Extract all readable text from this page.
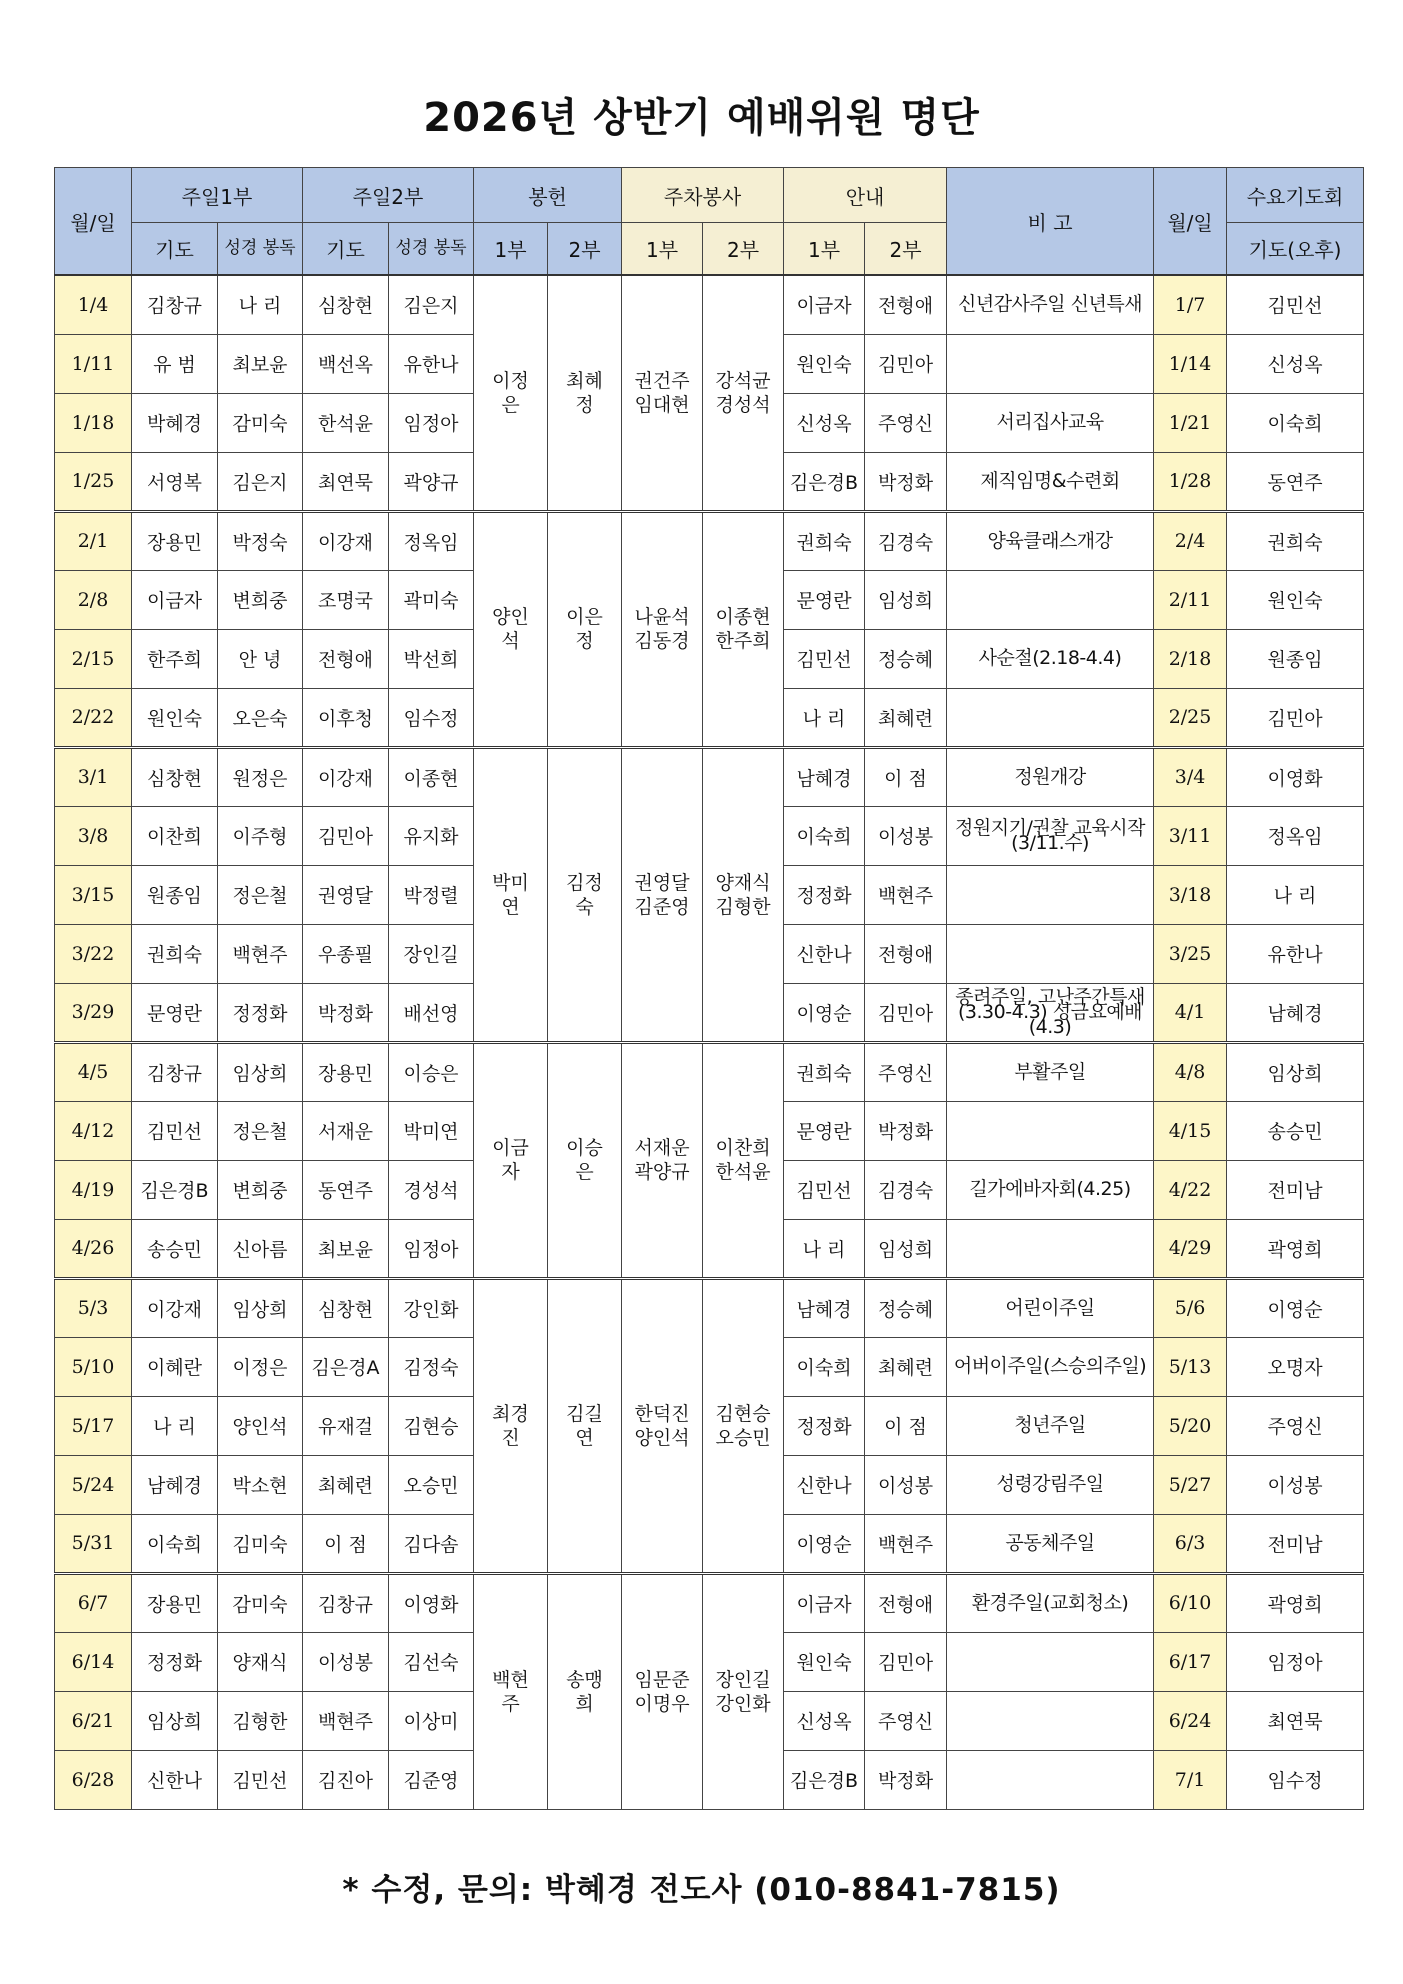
2026년 상반기 예배위원 명단
월/일	주일1부		주일2부		봉헌		주차봉사		안내		비 고	월/일	수요기도회
	기도	성경 봉독	기도	성경 봉독	1부	2부	1부	2부	1부	2부			기도(오후)
1/4	김창규	나 리	심창현	김은지	이정은	최혜정	권건주 임대현	강석균 경성석	이금자	전형애	신년감사주일 신년특새	1/7	김민선
1/11	유 범	최보윤	백선옥	유한나					원인숙	김민아		1/14	신성옥
1/18	박혜경	감미숙	한석윤	임정아					신성옥	주영신	서리집사교육	1/21	이숙희
1/25	서영복	김은지	최연묵	곽양규					김은경B	박정화	제직임명&수련회	1/28	동연주
2/1	장용민	박정숙	이강재	정옥임	양인석	이은정	나윤석 김동경	이종현 한주희	권희숙	김경숙	양육클래스개강	2/4	권희숙
2/8	이금자	변희중	조명국	곽미숙					문영란	임성희		2/11	원인숙
2/15	한주희	안 녕	전형애	박선희					김민선	정승혜	사순절(2.18-4.4)	2/18	원종임
2/22	원인숙	오은숙	이후청	임수정					나 리	최혜련		2/25	김민아
3/1	심창현	원정은	이강재	이종현	박미연	김정숙	권영달 김준영	양재식 김형한	남혜경	이 점	정원개강	3/4	이영화
3/8	이찬희	이주형	김민아	유지화					이숙희	이성봉	정원지기/권찰 교육시작(3/11.수)	3/11	정옥임
3/15	원종임	정은철	권영달	박정렬					정정화	백현주		3/18	나 리
3/22	권희숙	백현주	우종필	장인길					신한나	전형애		3/25	유한나
3/29	문영란	정정화	박정화	배선영					이영순	김민아	종려주일, 고난주간특새(3.30-4.3) 성금요예배(4.3)	4/1	남혜경
4/5	김창규	임상희	장용민	이승은	이금자	이승은	서재운 곽양규	이찬희 한석윤	권희숙	주영신	부활주일	4/8	임상희
4/12	김민선	정은철	서재운	박미연					문영란	박정화		4/15	송승민
4/19	김은경B	변희중	동연주	경성석					김민선	김경숙	길가에바자회(4.25)	4/22	전미남
4/26	송승민	신아름	최보윤	임정아					나 리	임성희		4/29	곽영희
5/3	이강재	임상희	심창현	강인화	최경진	김길연	한덕진 양인석	김현승 오승민	남혜경	정승혜	어린이주일	5/6	이영순
5/10	이혜란	이정은	김은경A	김정숙					이숙희	최혜련	어버이주일(스승의주일)	5/13	오명자
5/17	나 리	양인석	유재걸	김현승					정정화	이 점	청년주일	5/20	주영신
5/24	남혜경	박소현	최혜련	오승민					신한나	이성봉	성령강림주일	5/27	이성봉
5/31	이숙희	김미숙	이 점	김다솜					이영순	백현주	공동체주일	6/3	전미남
6/7	장용민	감미숙	김창규	이영화	백현주	송맹희	임문준 이명우	장인길 강인화	이금자	전형애	환경주일(교회청소)	6/10	곽영희
6/14	정정화	양재식	이성봉	김선숙					원인숙	김민아		6/17	임정아
6/21	임상희	김형한	백현주	이상미					신성옥	주영신		6/24	최연묵
6/28	신한나	김민선	김진아	김준영					김은경B	박정화		7/1	임수정

* 수정, 문의: 박혜경 전도사 (010-8841-7815)
